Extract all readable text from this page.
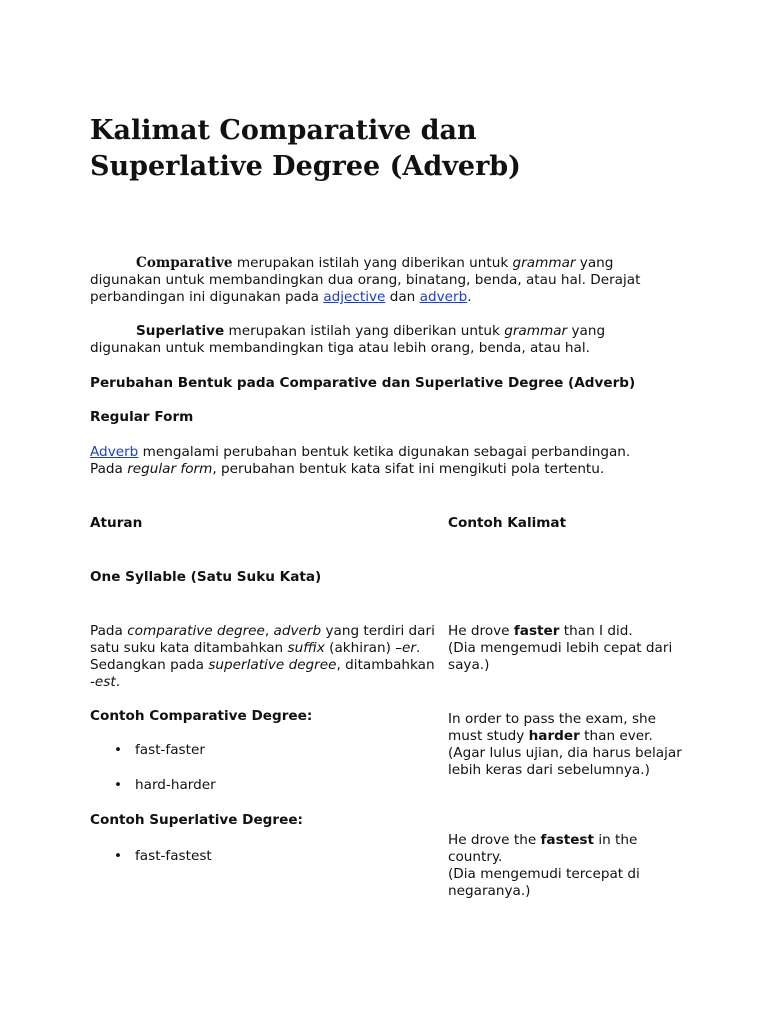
Kalimat Comparative dan Superlative Degree (Adverb)

Comparative merupakan istilah yang diberikan untuk grammar yang digunakan untuk membandingkan dua orang, binatang, benda, atau hal. Derajat perbandingan ini digunakan pada adjective dan adverb.

Superlative merupakan istilah yang diberikan untuk grammar yang digunakan untuk membandingkan tiga atau lebih orang, benda, atau hal.

Perubahan Bentuk pada Comparative dan Superlative Degree (Adverb)

Regular Form

Adverb mengalami perubahan bentuk ketika digunakan sebagai perbandingan. Pada regular form, perubahan bentuk kata sifat ini mengikuti pola tertentu.

Aturan	Contoh Kalimat

One Syllable (Satu Suku Kata)

Pada comparative degree, adverb yang terdiri dari satu suku kata ditambahkan suffix (akhiran) –er. Sedangkan pada superlative degree, ditambahkan -est.

He drove faster than I did.
(Dia mengemudi lebih cepat dari saya.)

Contoh Comparative Degree:

• fast-faster
• hard-harder

In order to pass the exam, she must study harder than ever.
(Agar lulus ujian, dia harus belajar lebih keras dari sebelumnya.)

Contoh Superlative Degree:

• fast-fastest

He drove the fastest in the country.
(Dia mengemudi tercepat di negaranya.)
